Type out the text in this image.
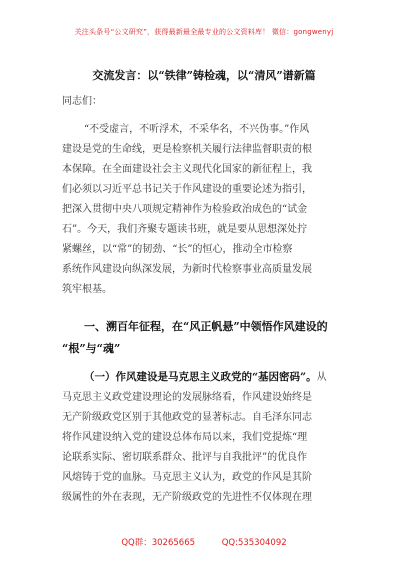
关注头条号“公文研究”，获得最新最全最专业的公文资料库！ 微信：gongwenyj
交流发言：以“铁律”铸检魂，以“清风”谱新篇
同志们：
“不受虚言，不听浮术，不采华名，不兴伪事。”作风
建设是党的生命线，更是检察机关履行法律监督职责的根
本保障。在全面建设社会主义现代化国家的新征程上，我
们必须以习近平总书记关于作风建设的重要论述为指引，
把深入贯彻中央八项规定精神作为检验政治成色的“试金
石”。今天，我们齐聚专题读书班，就是要从思想深处拧
紧螺丝，以“常”的韧劲、“长”的恒心，推动全市检察
系统作风建设向纵深发展，为新时代检察事业高质量发展
筑牢根基。
一、溯百年征程，在“风正帆悬”中领悟作风建设的
“根”与“魂”
（一）作风建设是马克思主义政党的“基因密码”。从
马克思主义政党建设理论的发展脉络看，作风建设始终是
无产阶级政党区别于其他政党的显著标志。自毛泽东同志
将作风建设纳入党的建设总体布局以来，我们党提炼“理
论联系实际、密切联系群众、批评与自我批评”的优良作
风熔铸于党的血脉。马克思主义认为，政党的作风是其阶
级属性的外在表现，无产阶级政党的先进性不仅体现在理
QQ群：30265665	QQ:535304092
